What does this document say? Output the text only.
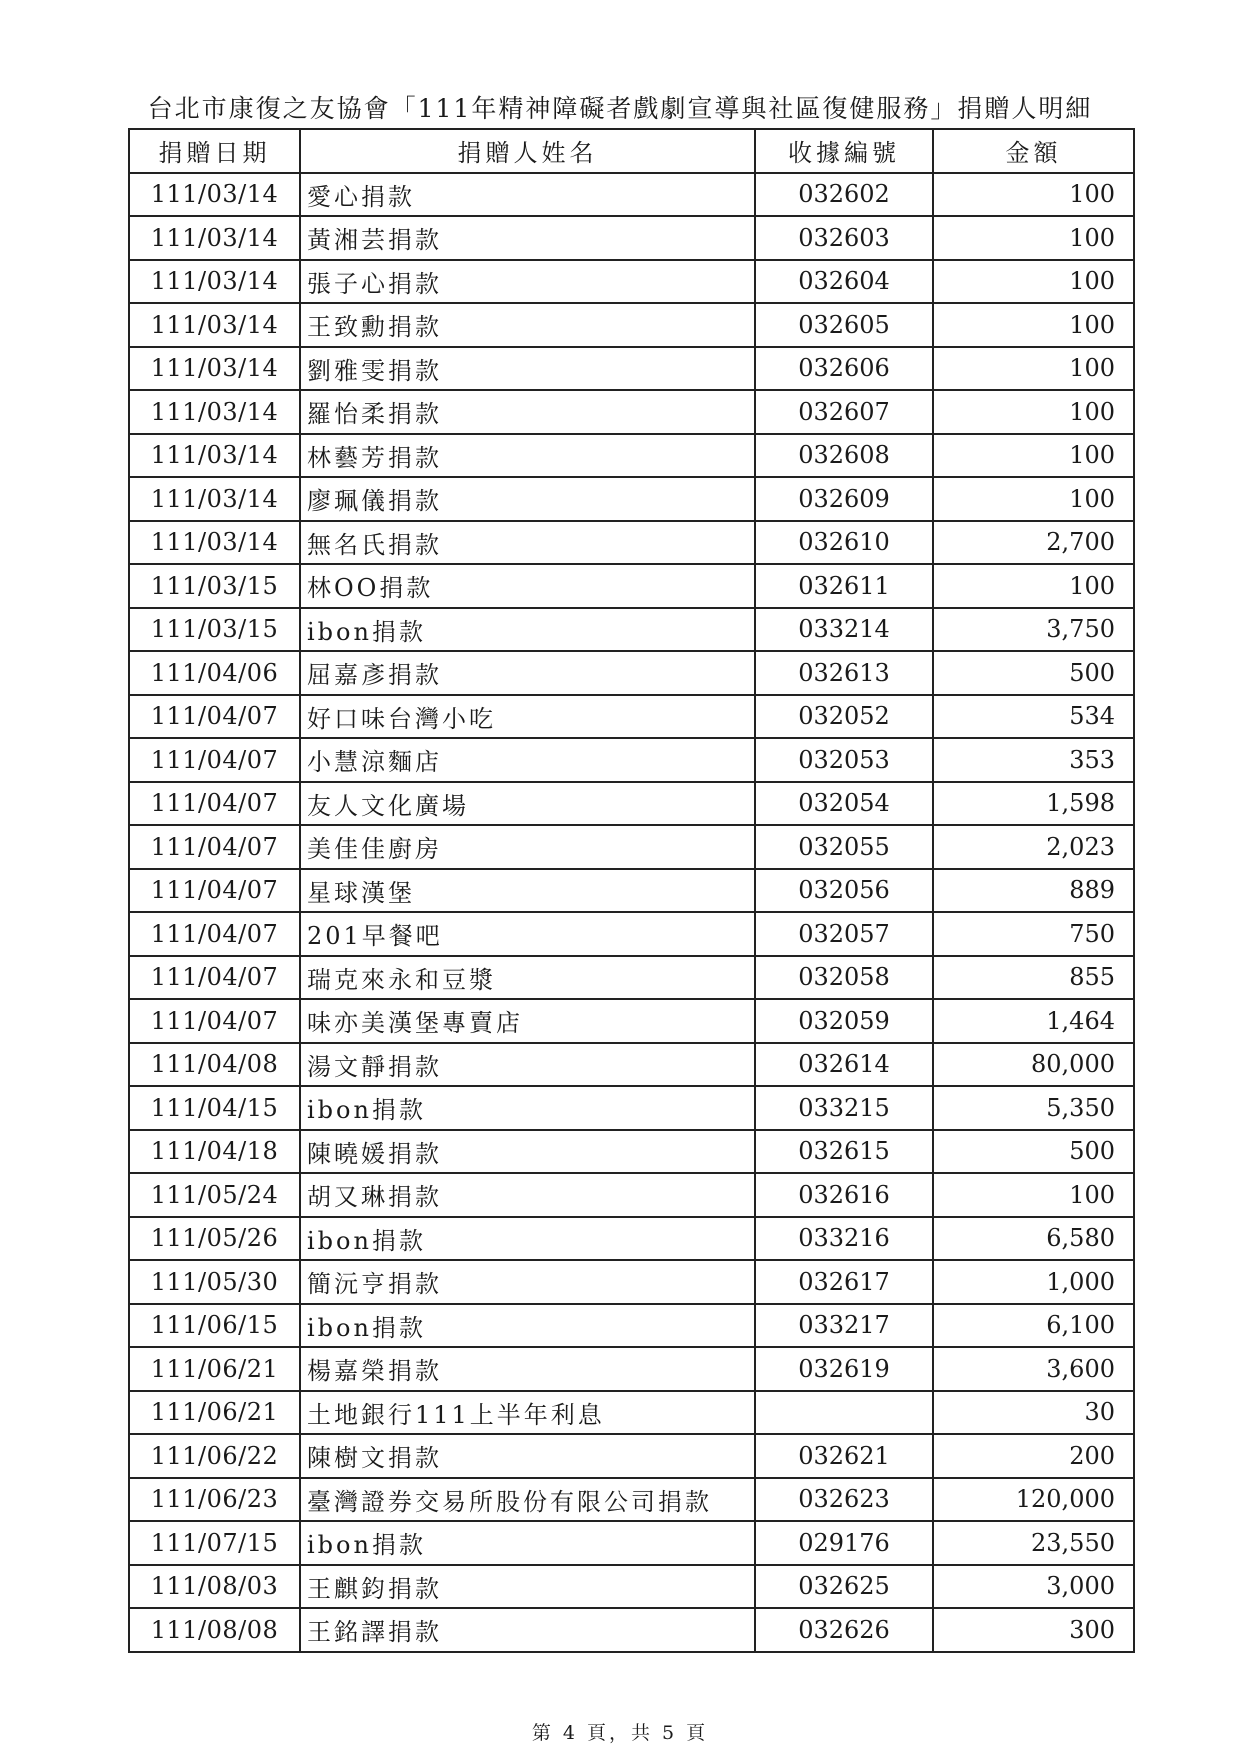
台北市康復之友協會「111年精神障礙者戲劇宣導與社區復健服務」捐贈人明細
捐贈日期	捐贈人姓名	收據編號	金額
111/03/14	愛心捐款	032602	100
111/03/14	黃湘芸捐款	032603	100
111/03/14	張子心捐款	032604	100
111/03/14	王致勳捐款	032605	100
111/03/14	劉雅雯捐款	032606	100
111/03/14	羅怡柔捐款	032607	100
111/03/14	林藝芳捐款	032608	100
111/03/14	廖珮儀捐款	032609	100
111/03/14	無名氏捐款	032610	2,700
111/03/15	林OO捐款	032611	100
111/03/15	ibon捐款	033214	3,750
111/04/06	屈嘉彥捐款	032613	500
111/04/07	好口味台灣小吃	032052	534
111/04/07	小慧涼麵店	032053	353
111/04/07	友人文化廣場	032054	1,598
111/04/07	美佳佳廚房	032055	2,023
111/04/07	星球漢堡	032056	889
111/04/07	201早餐吧	032057	750
111/04/07	瑞克來永和豆漿	032058	855
111/04/07	味亦美漢堡專賣店	032059	1,464
111/04/08	湯文靜捐款	032614	80,000
111/04/15	ibon捐款	033215	5,350
111/04/18	陳曉媛捐款	032615	500
111/05/24	胡又琳捐款	032616	100
111/05/26	ibon捐款	033216	6,580
111/05/30	簡沅亨捐款	032617	1,000
111/06/15	ibon捐款	033217	6,100
111/06/21	楊嘉榮捐款	032619	3,600
111/06/21	土地銀行111上半年利息		30
111/06/22	陳樹文捐款	032621	200
111/06/23	臺灣證券交易所股份有限公司捐款	032623	120,000
111/07/15	ibon捐款	029176	23,550
111/08/03	王麒鈞捐款	032625	3,000
111/08/08	王銘譯捐款	032626	300
第 4 頁，共 5 頁
